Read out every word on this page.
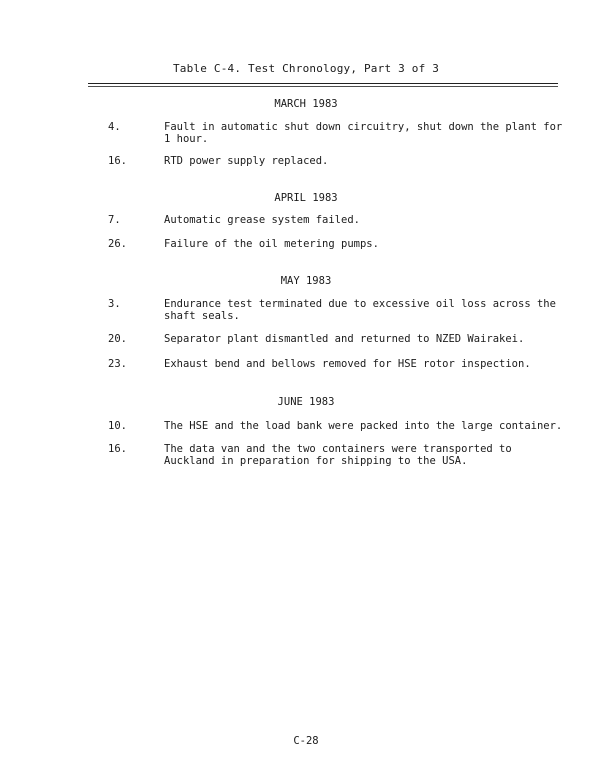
Table C-4. Test Chronology, Part 3 of 3
MARCH 1983
4.	Fault in automatic shut down circuitry, shut down the plant for
1 hour.
16.	RTD power supply replaced.
APRIL 1983
7.	Automatic grease system failed.
26.	Failure of the oil metering pumps.
MAY 1983
3.	Endurance test terminated due to excessive oil loss across the
shaft seals.
20.	Separator plant dismantled and returned to NZED Wairakei.
23.	Exhaust bend and bellows removed for HSE rotor inspection.
JUNE 1983
10.	The HSE and the load bank were packed into the large container.
16.	The data van and the two containers were transported to
Auckland in preparation for shipping to the USA.
C-28
